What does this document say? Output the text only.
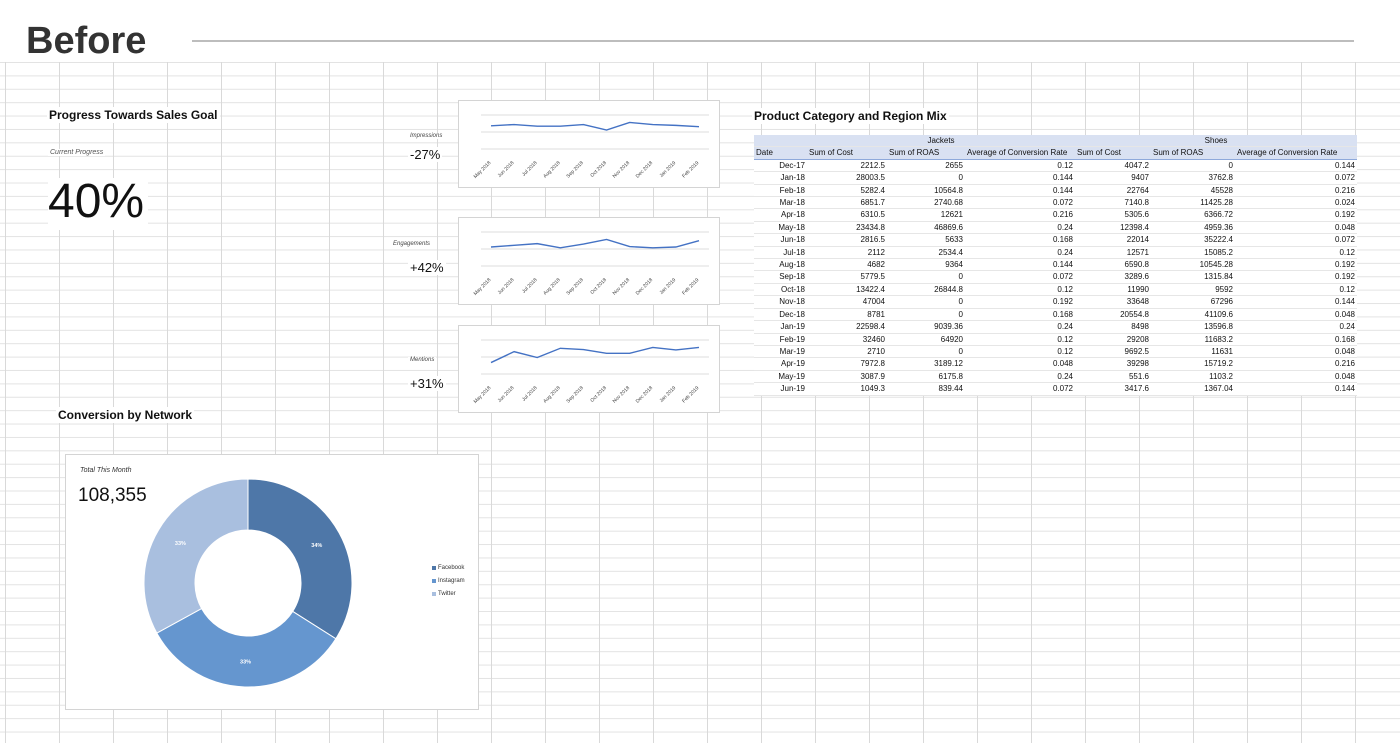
Before
Progress Towards Sales Goal
Current Progress
40%
Impressions
-27%
May 2018 Jun 2018 Jul 2018 Aug 2018 Sep 2018 Oct 2018 Nov 2018 Dec 2018 Jan 2019 Feb 2019
Engagements
+42%
May 2018 Jun 2018 Jul 2018 Aug 2018 Sep 2018 Oct 2018 Nov 2018 Dec 2018 Jan 2019 Feb 2019
Mentions
+31%
May 2018 Jun 2018 Jul 2018 Aug 2018 Sep 2018 Oct 2018 Nov 2018 Dec 2018 Jan 2019 Feb 2019
Product Category and Region Mix
	Jackets			Shoes		
Date	Sum of Cost	Sum of ROAS	Average of Conversion Rate	Sum of Cost	Sum of ROAS	Average of Conversion Rate
Dec-17	2212.5	2655	0.12	4047.2	0	0.144
Jan-18	28003.5	0	0.144	9407	3762.8	0.072
Feb-18	5282.4	10564.8	0.144	22764	45528	0.216
Mar-18	6851.7	2740.68	0.072	7140.8	11425.28	0.024
Apr-18	6310.5	12621	0.216	5305.6	6366.72	0.192
May-18	23434.8	46869.6	0.24	12398.4	4959.36	0.048
Jun-18	2816.5	5633	0.168	22014	35222.4	0.072
Jul-18	2112	2534.4	0.24	12571	15085.2	0.12
Aug-18	4682	9364	0.144	6590.8	10545.28	0.192
Sep-18	5779.5	0	0.072	3289.6	1315.84	0.192
Oct-18	13422.4	26844.8	0.12	11990	9592	0.12
Nov-18	47004	0	0.192	33648	67296	0.144
Dec-18	8781	0	0.168	20554.8	41109.6	0.048
Jan-19	22598.4	9039.36	0.24	8498	13596.8	0.24
Feb-19	32460	64920	0.12	29208	11683.2	0.168
Mar-19	2710	0	0.12	9692.5	11631	0.048
Apr-19	7972.8	3189.12	0.048	39298	15719.2	0.216
May-19	3087.9	6175.8	0.24	551.6	1103.2	0.048
Jun-19	1049.3	839.44	0.072	3417.6	1367.04	0.144
Conversion by Network
Total This Month
108,355
34%
33%
33%
Facebook
Instagram
Twitter
